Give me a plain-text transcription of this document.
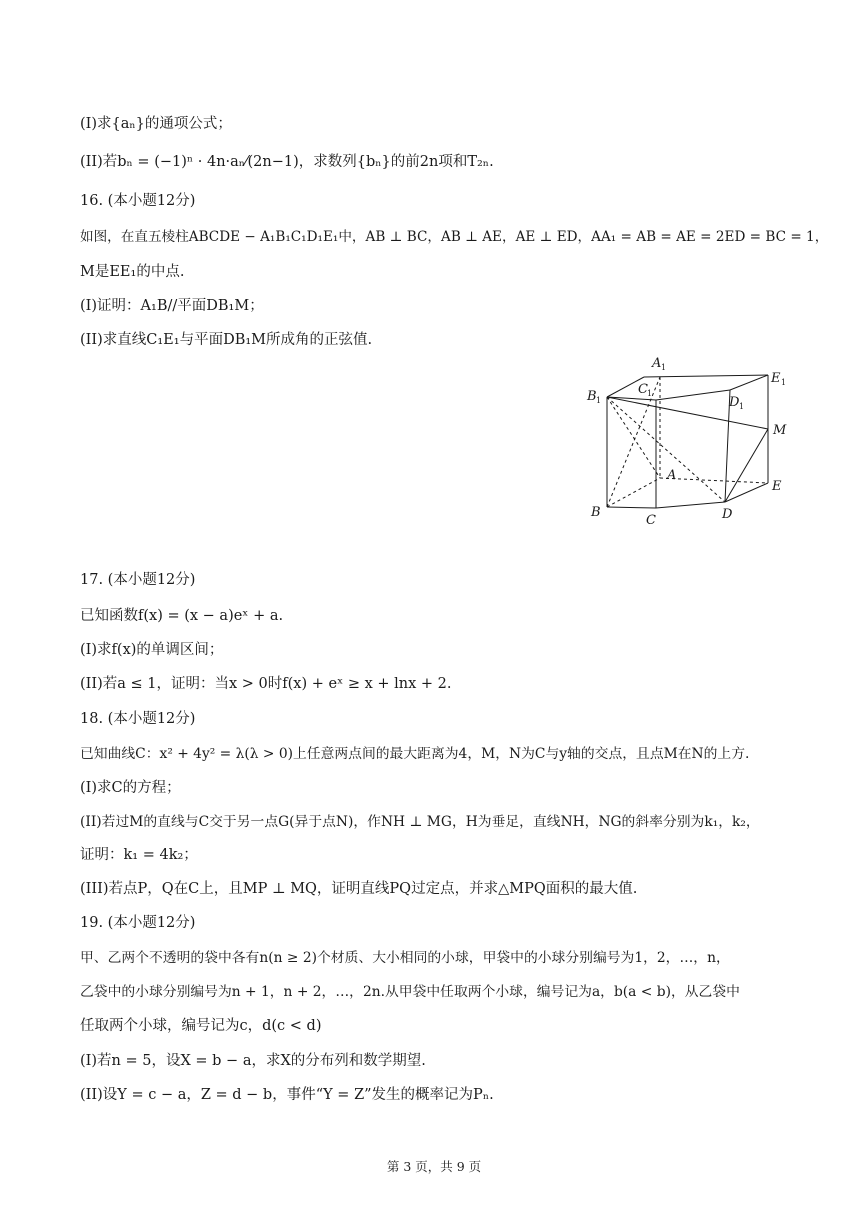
(I)求{aₙ}的通项公式；
(II)若bₙ = (−1)ⁿ · 4n·aₙ⁄(2n−1)，求数列{bₙ}的前2n项和T₂ₙ.
16. (本小题12分)
如图，在直五棱柱ABCDE − A₁B₁C₁D₁E₁中，AB ⊥ BC，AB ⊥ AE，AE ⊥ ED，AA₁ = AB = AE = 2ED = BC = 1，
M是EE₁的中点.
(I)证明：A₁B//平面DB₁M；
(II)求直线C₁E₁与平面DB₁M所成角的正弦值.
A 1
C 1
B 1	D 1
E 1
M
A
E
B
C	D
17. (本小题12分)
已知函数f(x) = (x − a)eˣ + a.
(I)求f(x)的单调区间；
(II)若a ≤ 1，证明：当x > 0时f(x) + eˣ ≥ x + lnx + 2.
18. (本小题12分)
已知曲线C：x² + 4y² = λ(λ > 0)上任意两点间的最大距离为4，M，N为C与y轴的交点，且点M在N的上方.
(I)求C的方程；
(II)若过M的直线与C交于另一点G(异于点N)，作NH ⊥ MG，H为垂足，直线NH，NG的斜率分别为k₁，k₂，
证明：k₁ = 4k₂；
(III)若点P，Q在C上，且MP ⊥ MQ，证明直线PQ过定点，并求△MPQ面积的最大值.
19. (本小题12分)
甲、乙两个不透明的袋中各有n(n ≥ 2)个材质、大小相同的小球，甲袋中的小球分别编号为1，2，…，n，
乙袋中的小球分别编号为n + 1，n + 2，…，2n.从甲袋中任取两个小球，编号记为a，b(a < b)，从乙袋中
任取两个小球，编号记为c，d(c < d)
(I)若n = 5，设X = b − a，求X的分布列和数学期望.
(II)设Y = c − a，Z = d − b，事件“Y = Z”发生的概率记为Pₙ.
第 3 页，共 9 页
